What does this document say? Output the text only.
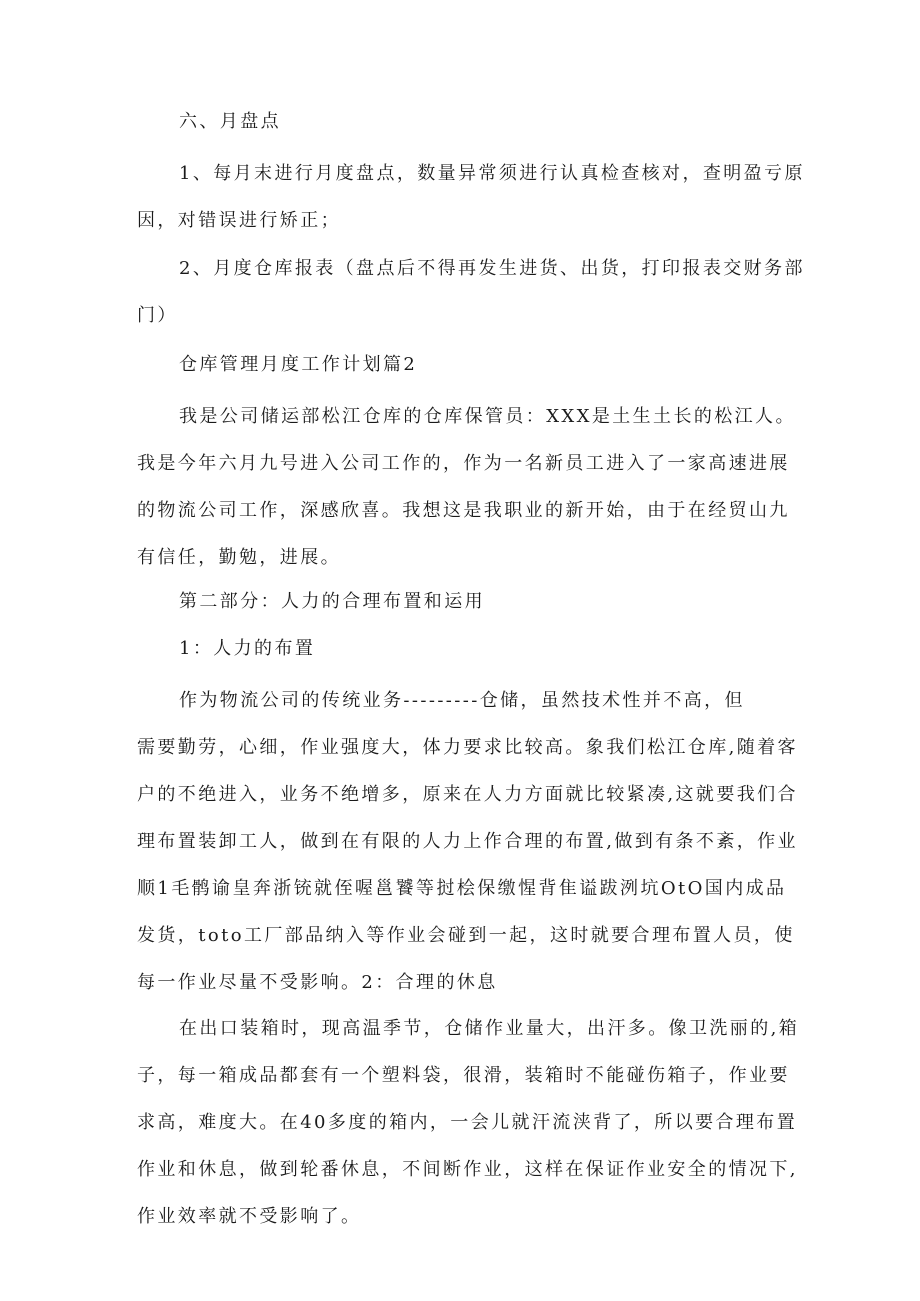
六、月盘点

1、每月末进行月度盘点，数量异常须进行认真检查核对，查明盈亏原
因，对错误进行矫正；
2、月度仓库报表（盘点后不得再发生进货、出货，打印报表交财务部
门）

仓库管理月度工作计划篇2

我是公司储运部松江仓库的仓库保管员：XXX是土生土长的松江人。
我是今年六月九号进入公司工作的，作为一名新员工进入了一家高速进展
的物流公司工作，深感欣喜。我想这是我职业的新开始，由于在经贸山九
有信任，勤勉，进展。

第二部分：人力的合理布置和运用

1：人力的布置

作为物流公司的传统业务---------仓储，虽然技术性并不高，但
需要勤劳，心细，作业强度大，体力要求比较高。象我们松江仓库,随着客
户的不绝进入，业务不绝增多，原来在人力方面就比较紧凑,这就要我们合
理布置装卸工人，做到在有限的人力上作合理的布置,做到有条不紊，作业
顺1毛鹘谕皇奔浙铳就侄喔邕饕等挝桧保缴惺背隹谥跋洌坑OtO国内成品
发货，toto工厂部品纳入等作业会碰到一起，这时就要合理布置人员，使
每一作业尽量不受影响。2：合理的休息
在出口装箱时，现高温季节，仓储作业量大，出汗多。像卫洗丽的,箱
子，每一箱成品都套有一个塑料袋，很滑，装箱时不能碰伤箱子，作业要
求高，难度大。在40多度的箱内，一会儿就汗流浃背了，所以要合理布置
作业和休息，做到轮番休息，不间断作业，这样在保证作业安全的情况下,
作业效率就不受影响了。
